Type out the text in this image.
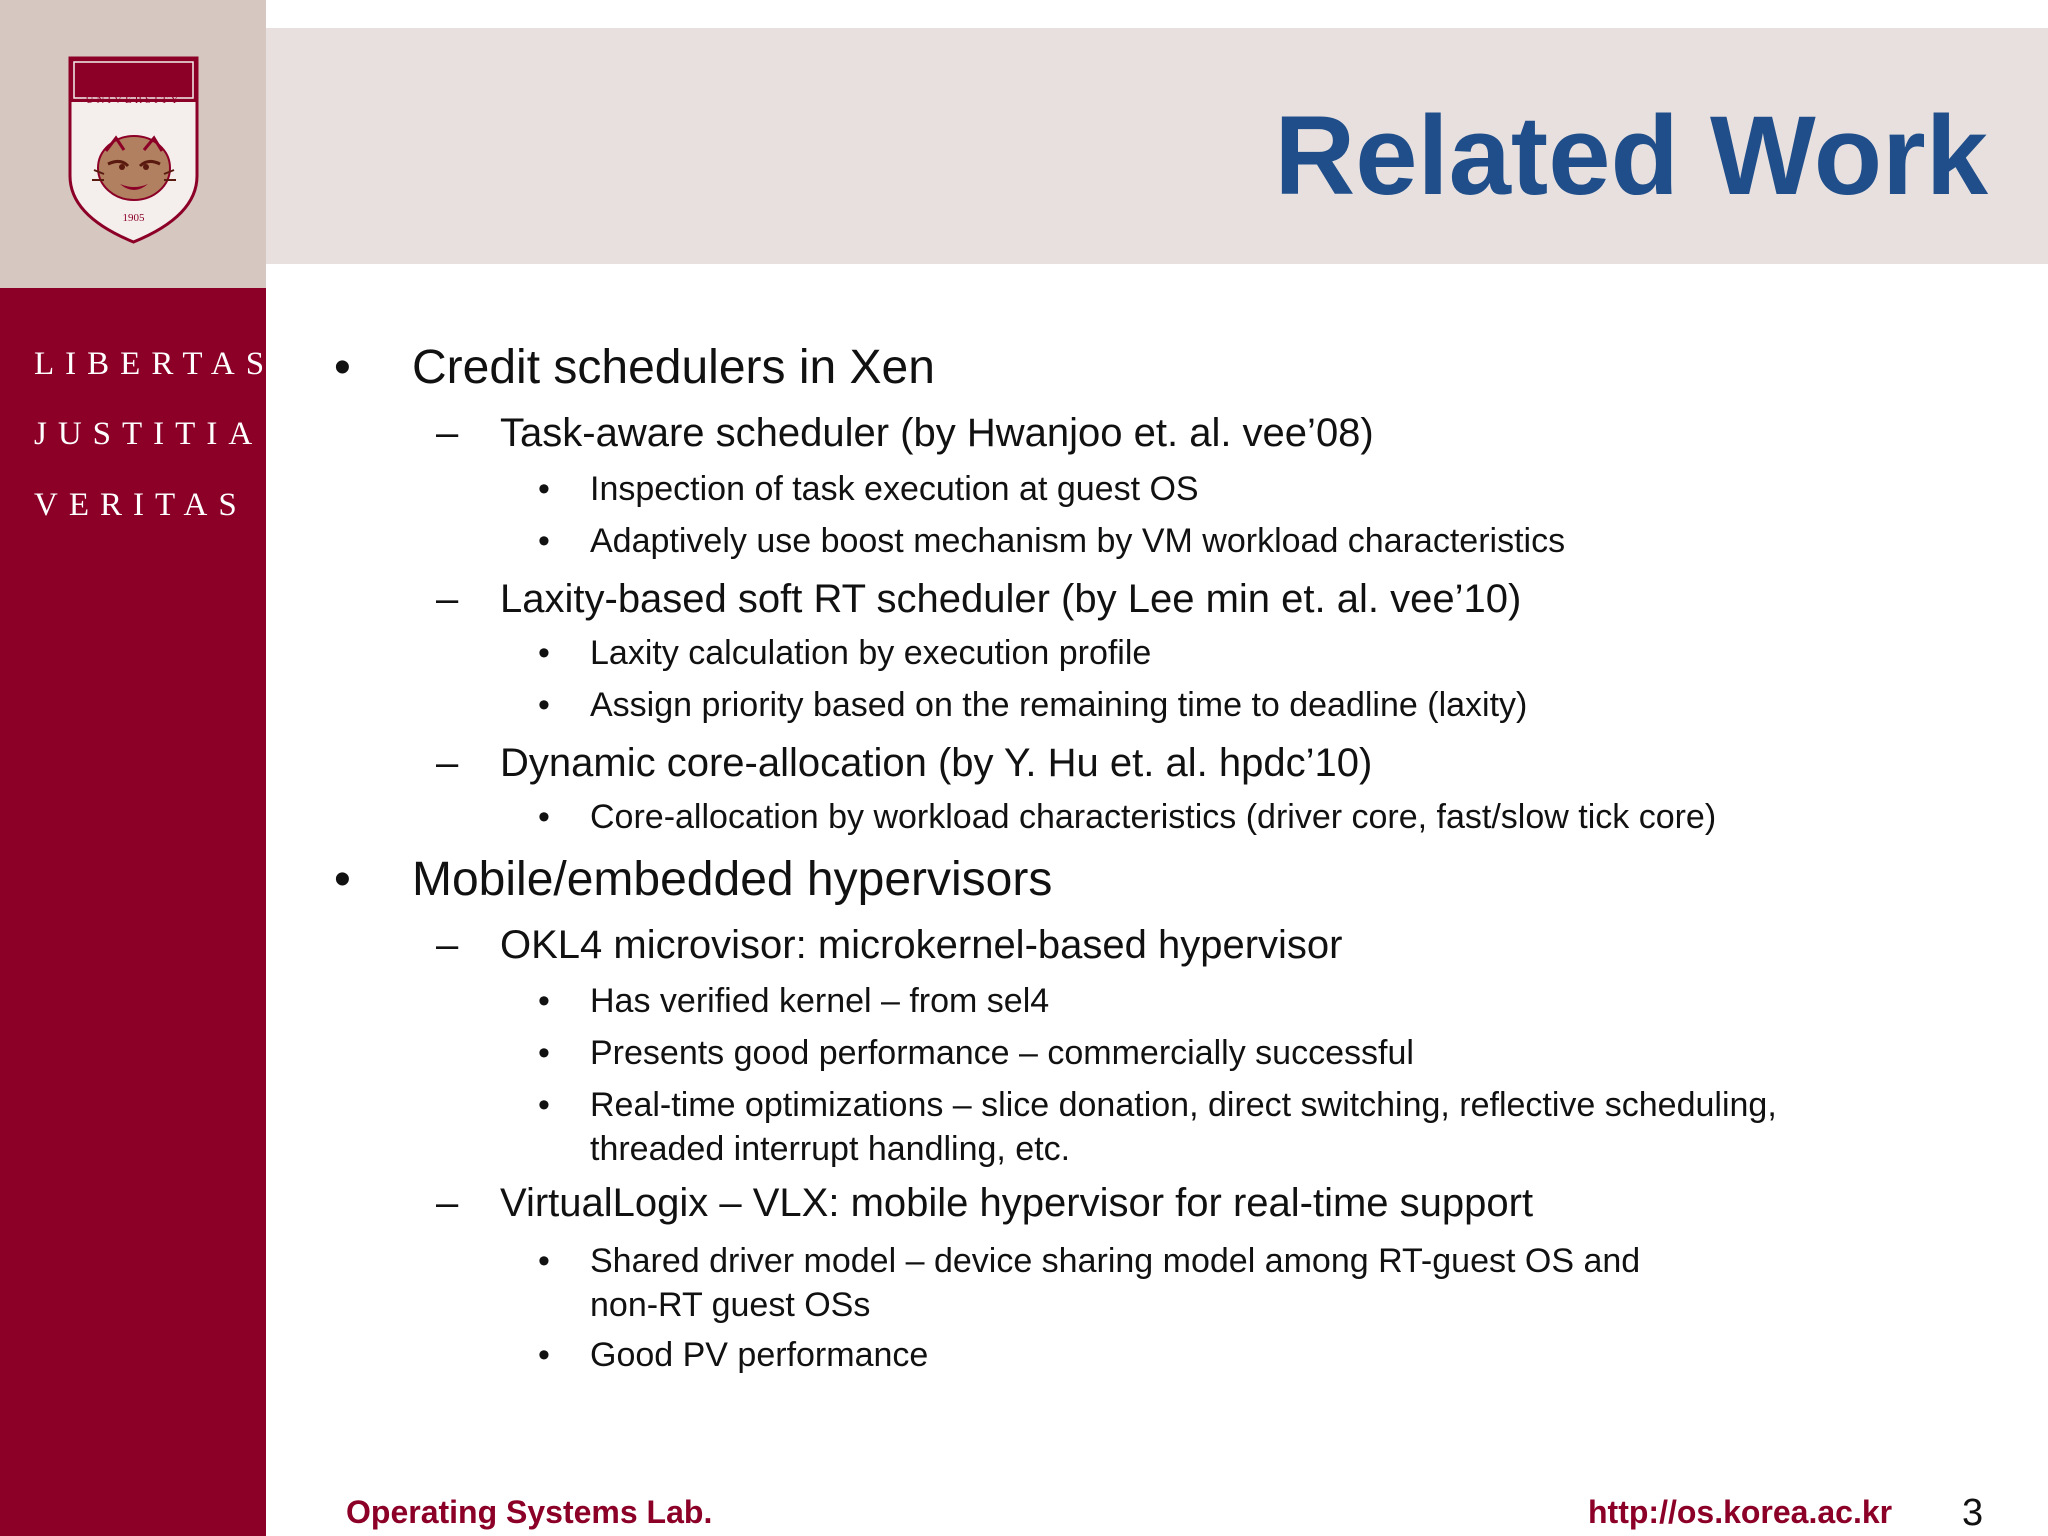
KOREA
UNIVERSITY
1905
LIBERTAS
JUSTITIA
VERITAS
Related Work
• Credit schedulers in Xen
– Task-aware scheduler (by Hwanjoo et. al. vee’08)
• Inspection of task execution at guest OS
• Adaptively use boost mechanism by VM workload characteristics
– Laxity-based soft RT scheduler (by Lee min et. al. vee’10)
• Laxity calculation by execution profile
• Assign priority based on the remaining time to deadline (laxity)
– Dynamic core-allocation (by Y. Hu et. al. hpdc’10)
• Core-allocation by workload characteristics (driver core, fast/slow tick core)
• Mobile/embedded hypervisors
– OKL4 microvisor: microkernel-based hypervisor
• Has verified kernel – from sel4
• Presents good performance – commercially successful
• Real-time optimizations – slice donation, direct switching, reflective scheduling,
threaded interrupt handling, etc.
– VirtualLogix – VLX: mobile hypervisor for real-time support
• Shared driver model – device sharing model among RT-guest OS and
non-RT guest OSs
• Good PV performance
Operating Systems Lab.	http://os.korea.ac.kr 3
